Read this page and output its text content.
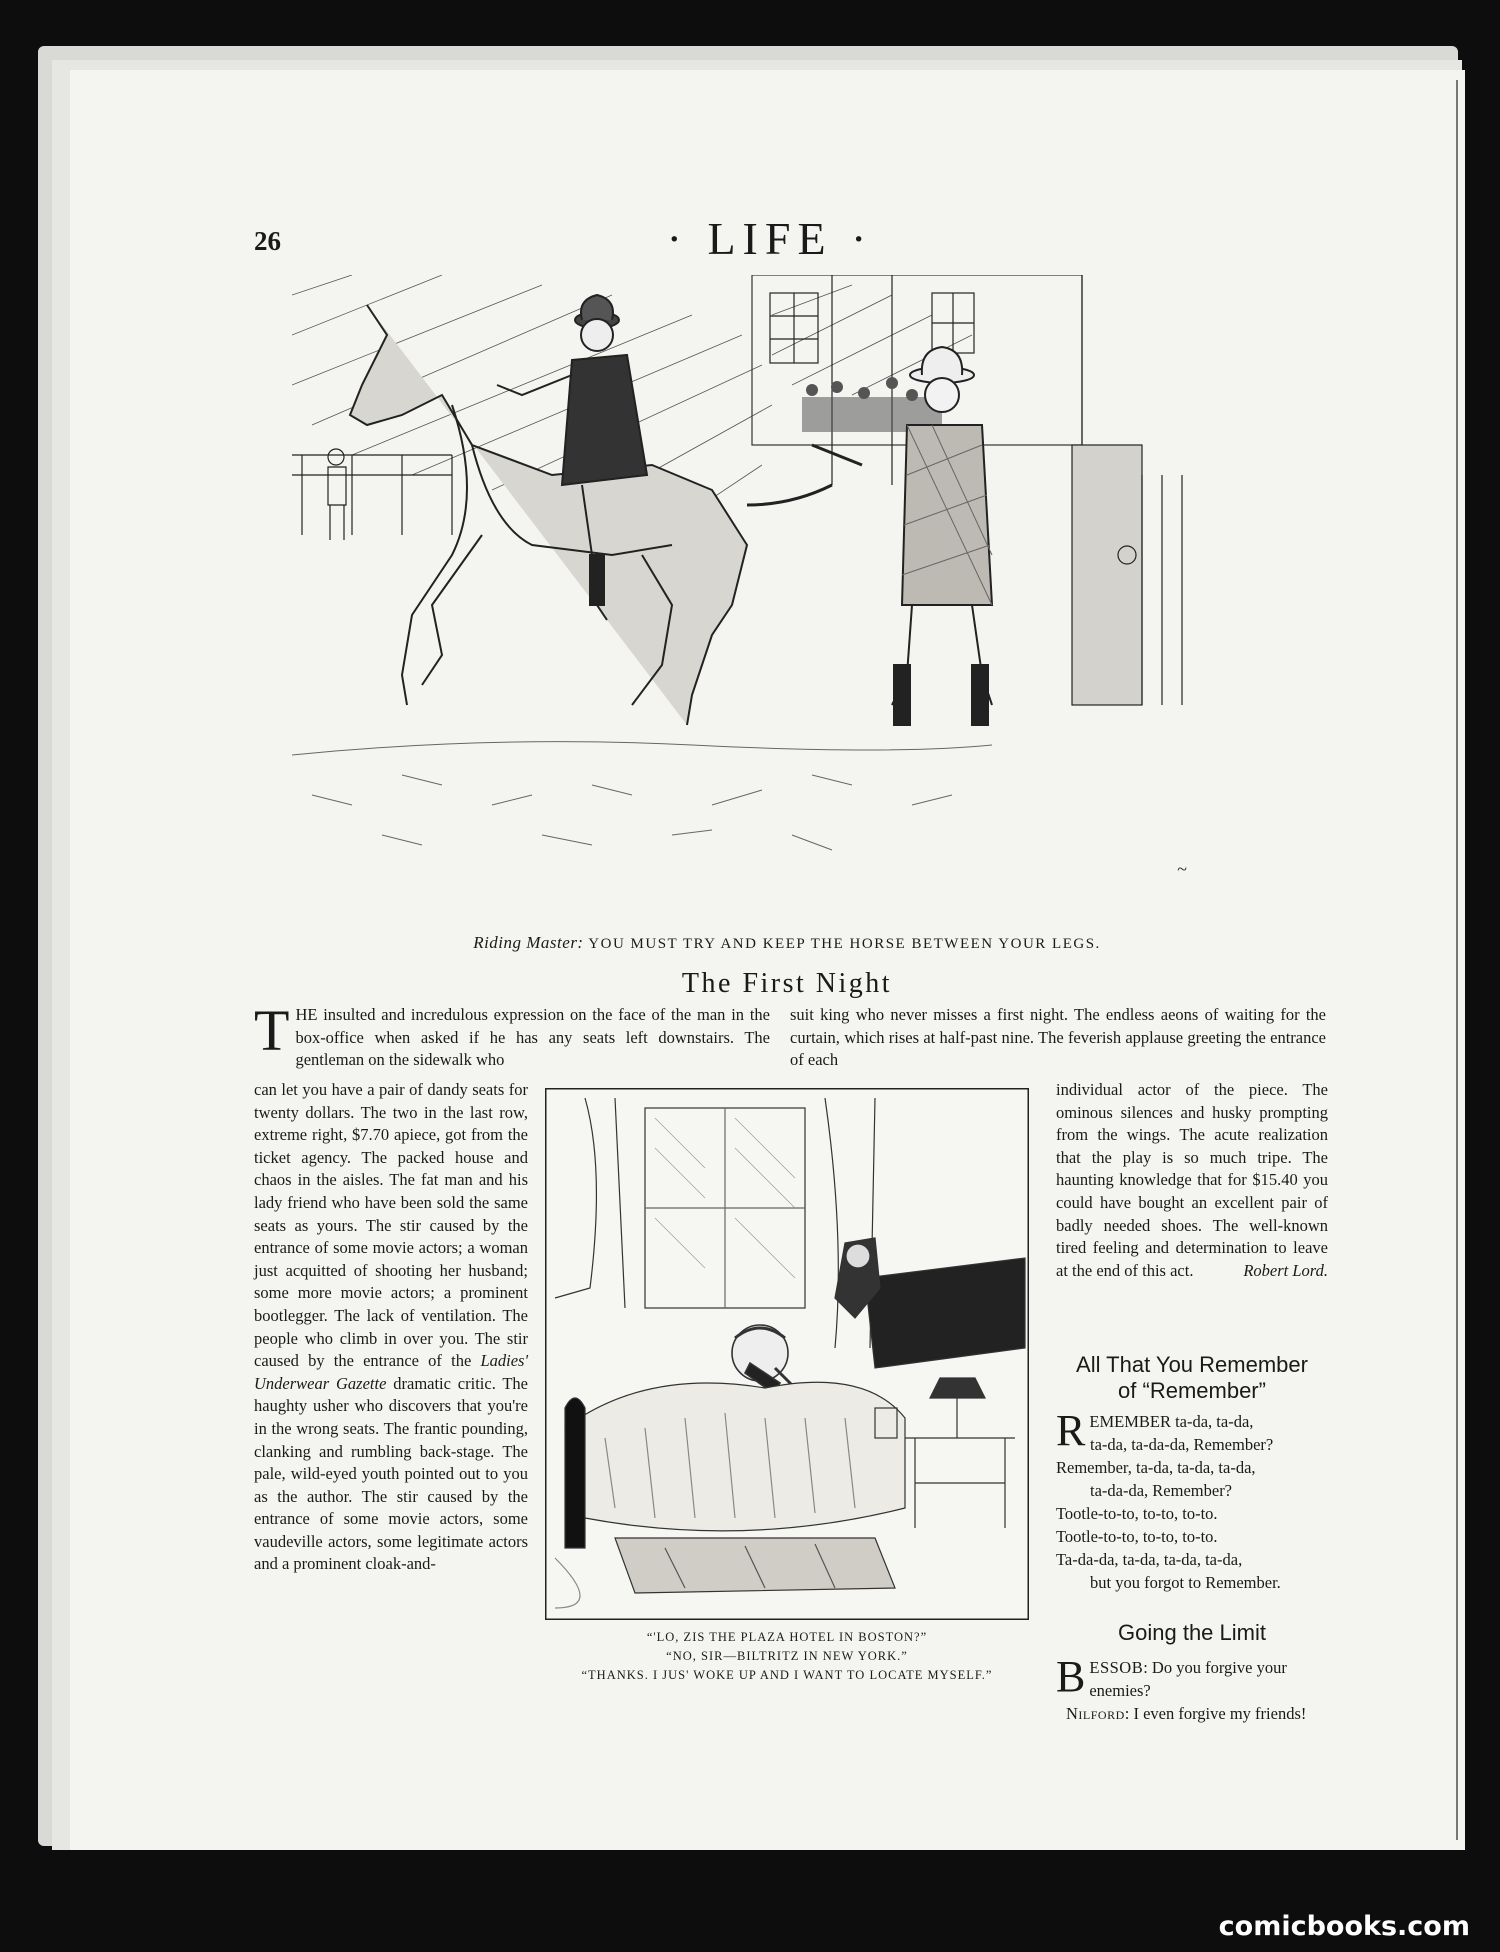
26	· LIFE ·
~
Riding Master: YOU MUST TRY AND KEEP THE HORSE BETWEEN YOUR LEGS.
The First Night
T HE insulted and incredulous expression on the face of the man in the box-office when asked if he has any seats left downstairs. The gentleman on the sidewalk who
suit king who never misses a first night. The endless aeons of waiting for the curtain, which rises at half-past nine. The feverish applause greeting the entrance of each
can let you have a pair of dandy seats for twenty dollars. The two in the last row, extreme right, $7.70 apiece, got from the ticket agency. The packed house and chaos in the aisles. The fat man and his lady friend who have been sold the same seats as yours. The stir caused by the entrance of some movie actors; a woman just acquitted of shooting her husband; some more movie actors; a prominent bootlegger. The lack of ventilation. The people who climb in over you. The stir caused by the entrance of the Ladies' Underwear Gazette dramatic critic. The haughty usher who discovers that you're in the wrong seats. The frantic pounding, clanking and rumbling back-stage. The pale, wild-eyed youth pointed out to you as the author. The stir caused by the entrance of some movie actors, some vaudeville actors, some legitimate actors and a prominent cloak-and-
“'LO, ZIS THE PLAZA HOTEL IN BOSTON?”
“NO, SIR—BILTRITZ IN NEW YORK.”
“THANKS. I JUS' WOKE UP AND I WANT TO LOCATE MYSELF.”
individual actor of the piece. The ominous silences and husky prompting from the wings. The acute realization that the play is so much tripe. The haunting knowledge that for $15.40 you could have bought an excellent pair of badly needed shoes. The well-known tired feeling and determination to leave at the end of this act.	Robert Lord.
All That You Remember
of “Remember”
R EMEMBER ta-da, ta-da,

ta-da, ta-da-da, Remember?

Remember, ta-da, ta-da, ta-da,

ta-da-da, Remember?

Tootle-to-to, to-to, to-to.

Tootle-to-to, to-to, to-to.

Ta-da-da, ta-da, ta-da, ta-da,

but you forgot to Remember.

Going the Limit
B ESSOB: Do you forgive your enemies?
Nilford: I even forgive my friends!
comicbooks.com
